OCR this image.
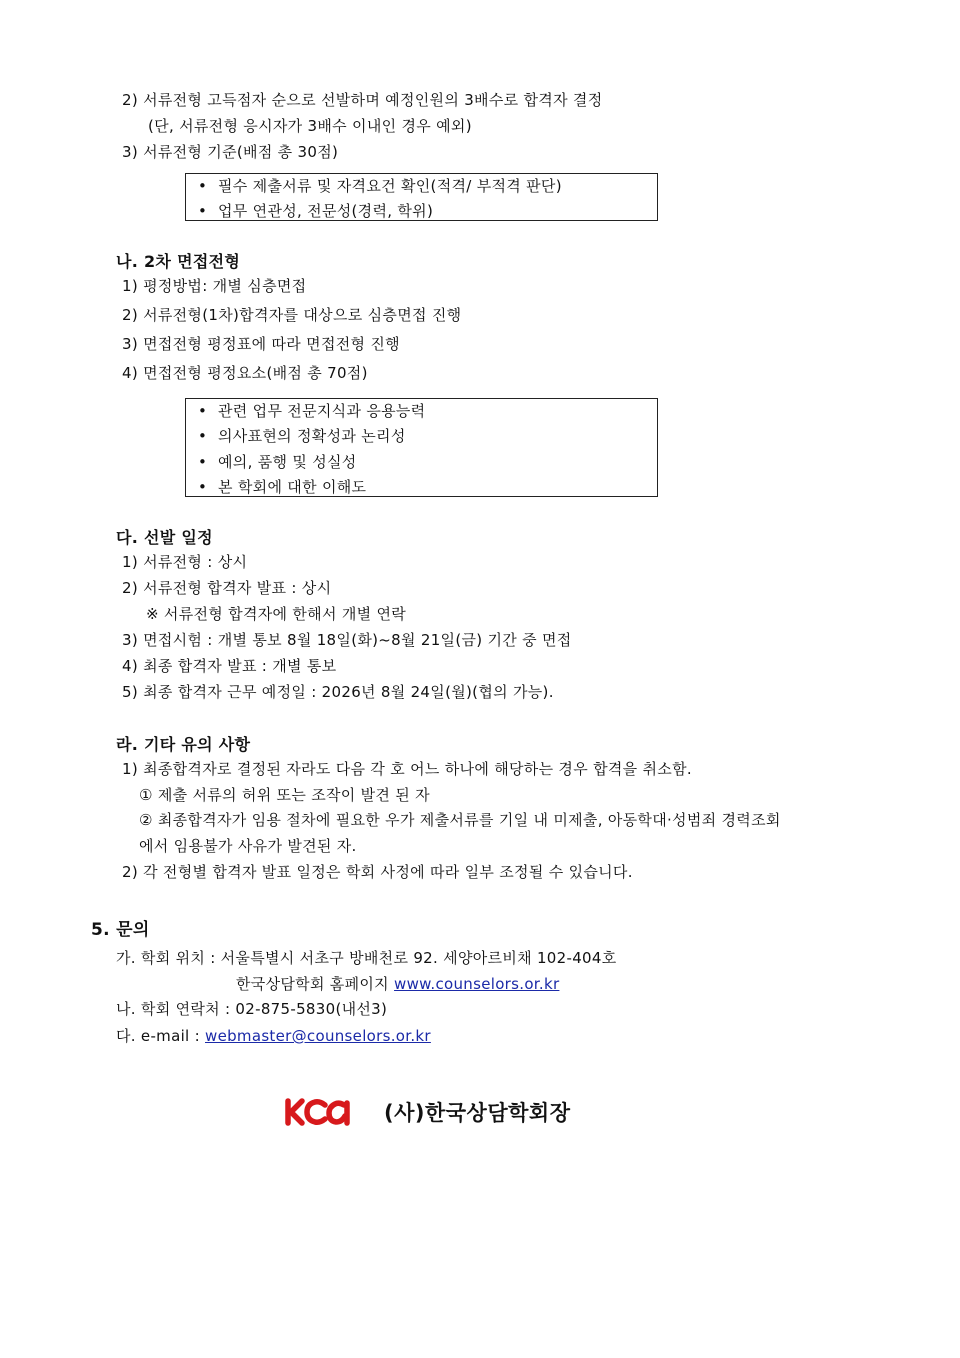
2) 서류전형 고득점자 순으로 선발하며 예정인원의 3배수로 합격자 결정
(단, 서류전형 응시자가 3배수 이내인 경우 예외)
3) 서류전형 기준(배점 총 30점)
• 필수 제출서류 및 자격요건 확인(적격/ 부적격 판단)
• 업무 연관성, 전문성(경력, 학위)
나. 2차 면접전형
1) 평정방법: 개별 심층면접
2) 서류전형(1차)합격자를 대상으로 심층면접 진행
3) 면접전형 평정표에 따라 면접전형 진행
4) 면접전형 평정요소(배점 총 70점)
• 관련 업무 전문지식과 응용능력
• 의사표현의 정확성과 논리성
• 예의, 품행 및 성실성
• 본 학회에 대한 이해도
다. 선발 일정
1) 서류전형 : 상시
2) 서류전형 합격자 발표 : 상시
※ 서류전형 합격자에 한해서 개별 연락
3) 면접시험 : 개별 통보 8월 18일(화)~8월 21일(금) 기간 중 면접
4) 최종 합격자 발표 : 개별 통보
5) 최종 합격자 근무 예정일 : 2026년 8월 24일(월)(협의 가능).
라. 기타 유의 사항
1) 최종합격자로 결정된 자라도 다음 각 호 어느 하나에 해당하는 경우 합격을 취소함.
① 제출 서류의 허위 또는 조작이 발견 된 자
② 최종합격자가 임용 절차에 필요한 우가 제출서류를 기일 내 미제출, 아동학대·성범죄 경력조회
에서 임용불가 사유가 발견된 자.
2) 각 전형별 합격자 발표 일정은 학회 사정에 따라 일부 조정될 수 있습니다.
5. 문의
가. 학회 위치 : 서울특별시 서초구 방배천로 92. 세양아르비채 102-404호
한국상담학회 홈페이지 www.counselors.or.kr
나. 학회 연락처 : 02-875-5830(내선3)
다. e-mail : webmaster@counselors.or.kr
(사)한국상담학회장
